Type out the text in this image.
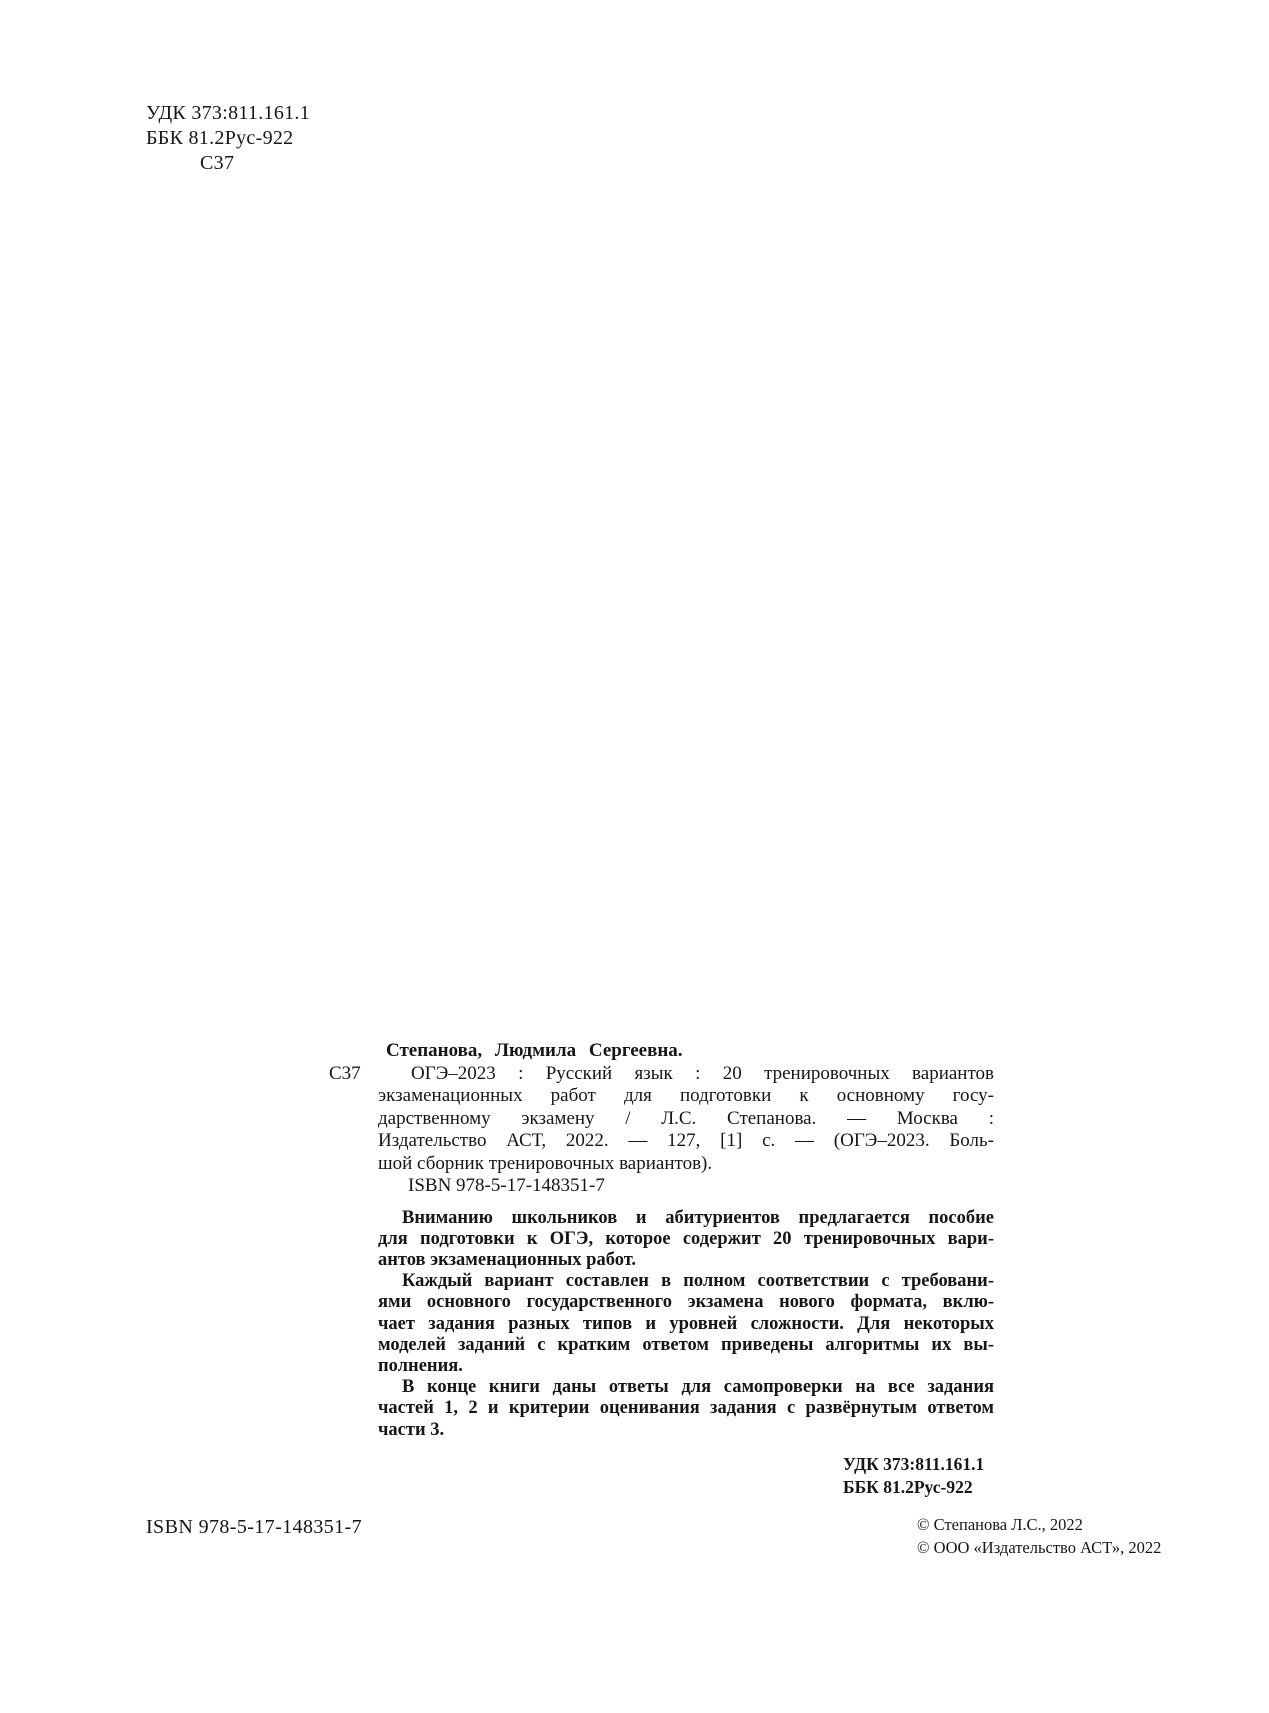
УДК 373:811.161.1
ББК 81.2Рус-922
С37
Степанова, Людмила Сергеевна.
С37	ОГЭ–2023 : Русский язык : 20 тренировочных вариантов
экзаменационных работ для подготовки к основному госу-
дарственному экзамену / Л.С. Степанова. — Москва :
Издательство АСТ, 2022. — 127, [1] с. — (ОГЭ–2023. Боль-
шой сборник тренировочных вариантов).
ISBN 978-5-17-148351-7
Вниманию школьников и абитуриентов предлагается пособие
для подготовки к ОГЭ, которое содержит 20 тренировочных вари-
антов экзаменационных работ.
Каждый вариант составлен в полном соответствии с требовани-
ями основного государственного экзамена нового формата, вклю-
чает задания разных типов и уровней сложности. Для некоторых
моделей заданий с кратким ответом приведены алгоритмы их вы-
полнения.
В конце книги даны ответы для самопроверки на все задания
частей 1, 2 и критерии оценивания задания с развёрнутым ответом
части 3.
УДК 373:811.161.1
ББК 81.2Рус-922
ISBN 978-5-17-148351-7	© Степанова Л.С., 2022
© ООО «Издательство АСТ», 2022
